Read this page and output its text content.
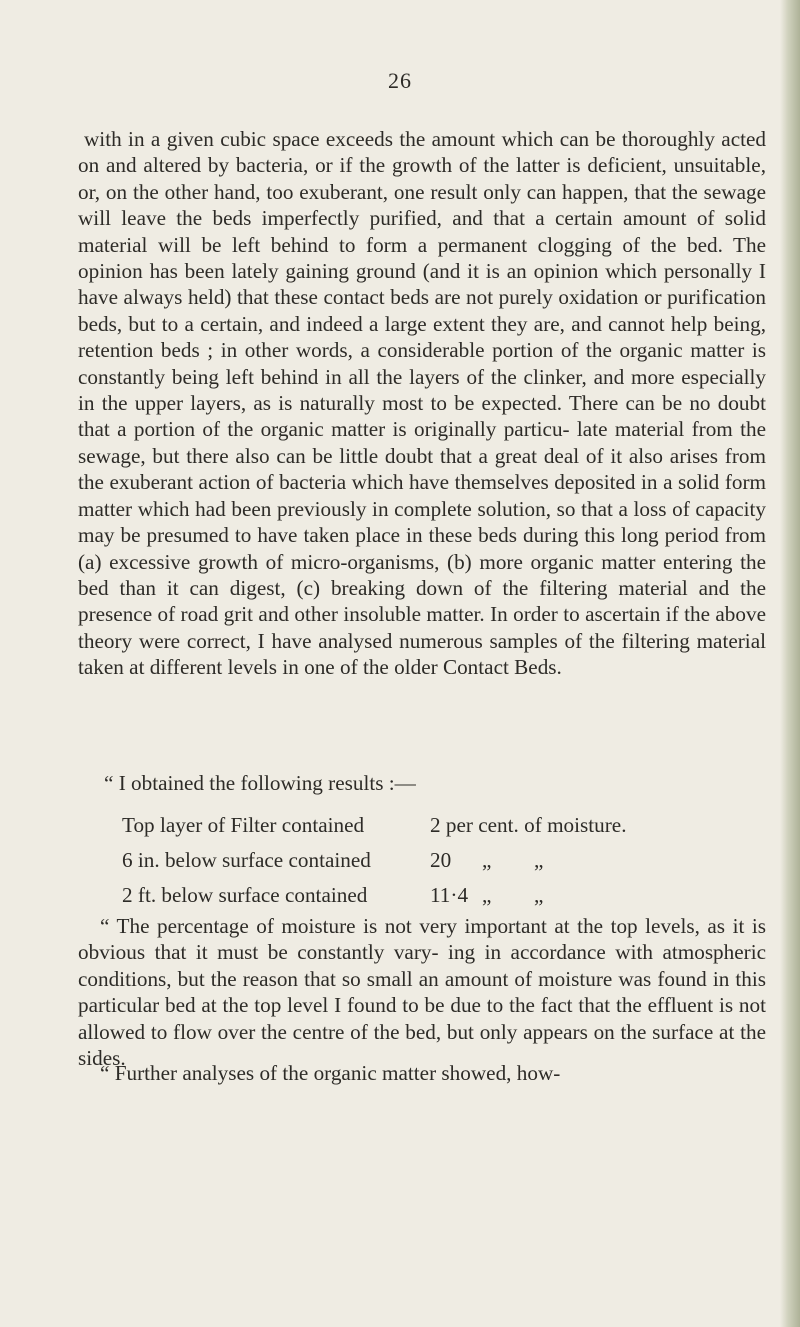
26

with in a given cubic space exceeds the amount which can be thoroughly acted on and altered by bacteria, or if the growth of the latter is deficient, unsuitable, or, on the other hand, too exuberant, one result only can happen, that the sewage will leave the beds imperfectly purified, and that a certain amount of solid material will be left behind to form a permanent clogging of the bed. The opinion has been lately gaining ground (and it is an opinion which personally I have always held) that these contact beds are not purely oxidation or purification beds, but to a certain, and indeed a large extent they are, and cannot help being, retention beds ; in other words, a considerable portion of the organic matter is constantly being left behind in all the layers of the clinker, and more especially in the upper layers, as is naturally most to be expected. There can be no doubt that a portion of the organic matter is originally particu- late material from the sewage, but there also can be little doubt that a great deal of it also arises from the exuberant action of bacteria which have themselves deposited in a solid form matter which had been previously in complete solution, so that a loss of capacity may be presumed to have taken place in these beds during this long period from (a) excessive growth of micro-organisms, (b) more organic matter entering the bed than it can digest, (c) breaking down of the filtering material and the presence of road grit and other insoluble matter. In order to ascertain if the above theory were correct, I have analysed numerous samples of the filtering material taken at different levels in one of the older Contact Beds.

“ I obtained the following results :—
Top layer of Filter contained	2 per cent. of moisture.
6 in. below surface contained	20 „ „
2 ft. below surface contained	11·4 „ „

“ The percentage of moisture is not very important at the top levels, as it is obvious that it must be constantly vary- ing in accordance with atmospheric conditions, but the reason that so small an amount of moisture was found in this particular bed at the top level I found to be due to the fact that the effluent is not allowed to flow over the centre of the bed, but only appears on the surface at the sides.

“ Further analyses of the organic matter showed, how-
